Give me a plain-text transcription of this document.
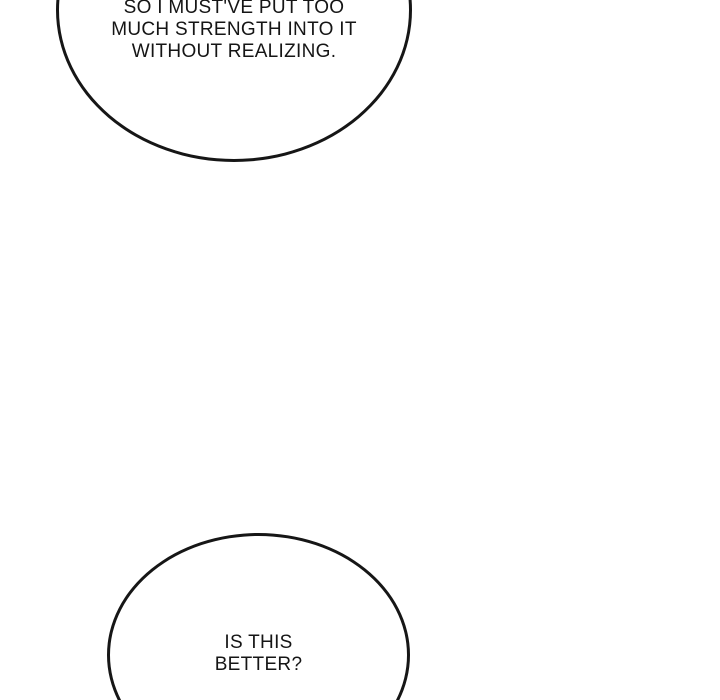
SO I MUST'VE PUT TOO
MUCH STRENGTH INTO IT
WITHOUT REALIZING.
IS THIS
BETTER?
